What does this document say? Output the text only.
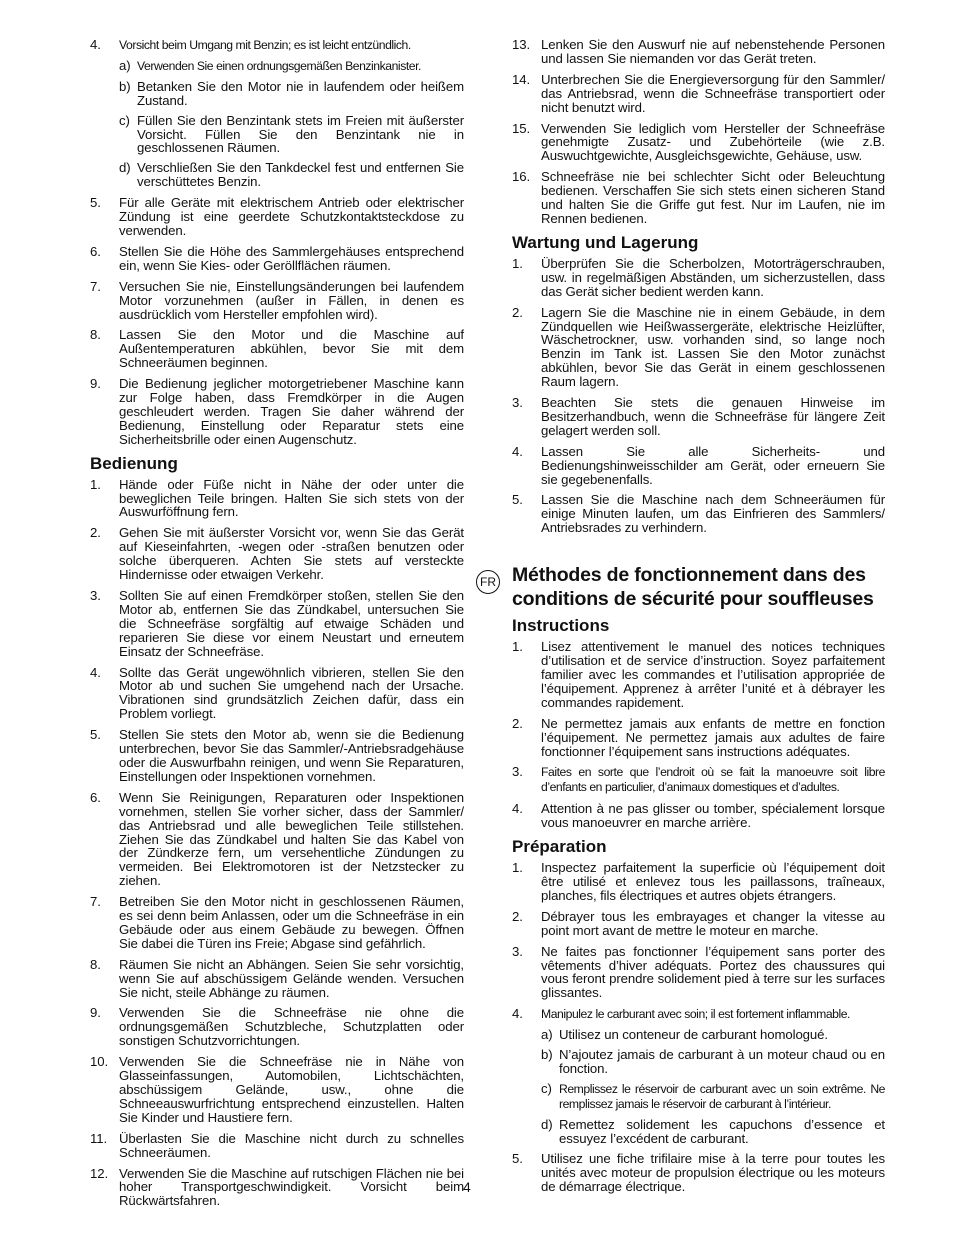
4. Vorsicht beim Umgang mit Benzin; es ist leicht entzündlich.
a) Verwenden Sie einen ordnungsgemäßen Benzinkanister.
b) Betanken Sie den Motor nie in laufendem oder heißem Zustand.
c) Füllen Sie den Benzintank stets im Freien mit äußerster Vorsicht. Füllen Sie den Benzintank nie in geschlossenen Räumen.
d) Verschließen Sie den Tankdeckel fest und entfernen Sie verschüttetes Benzin.
5. Für alle Geräte mit elektrischem Antrieb oder elektrischer Zündung ist eine geerdete Schutzkontaktsteckdose zu verwenden.
6. Stellen Sie die Höhe des Sammlergehäuses entsprechend ein, wenn Sie Kies- oder Geröllflächen räumen.
7. Versuchen Sie nie, Einstellungsänderungen bei laufendem Motor vorzunehmen (außer in Fällen, in denen es ausdrücklich vom Hersteller empfohlen wird).
8. Lassen Sie den Motor und die Maschine auf Außentemperaturen abkühlen, bevor Sie mit dem Schneeräumen beginnen.
9. Die Bedienung jeglicher motorgetriebener Maschine kann zur Folge haben, dass Fremdkörper in die Augen geschleudert werden. Tragen Sie daher während der Bedienung, Einstellung oder Reparatur stets eine Sicherheitsbrille oder einen Augenschutz.
Bedienung
1. Hände oder Füße nicht in Nähe der oder unter die beweglichen Teile bringen. Halten Sie sich stets von der Auswurföffnung fern.
2. Gehen Sie mit äußerster Vorsicht vor, wenn Sie das Gerät auf Kieseinfahrten, -wegen oder -straßen benutzen oder solche überqueren. Achten Sie stets auf versteckte Hindernisse oder etwaigen Verkehr.
3. Sollten Sie auf einen Fremdkörper stoßen, stellen Sie den Motor ab, entfernen Sie das Zündkabel, untersuchen Sie die Schneefräse sorgfältig auf etwaige Schäden und reparieren Sie diese vor einem Neustart und erneutem Einsatz der Schneefräse.
4. Sollte das Gerät ungewöhnlich vibrieren, stellen Sie den Motor ab und suchen Sie umgehend nach der Ursache. Vibrationen sind grundsätzlich Zeichen dafür, dass ein Problem vorliegt.
5. Stellen Sie stets den Motor ab, wenn sie die Bedienung unterbrechen, bevor Sie das Sammler/-Antriebsradgehäuse oder die Auswurfbahn reinigen, und wenn Sie Reparaturen, Einstellungen oder Inspektionen vornehmen.
6. Wenn Sie Reinigungen, Reparaturen oder Inspektionen vornehmen, stellen Sie vorher sicher, dass der Sammler/ das Antriebsrad und alle beweglichen Teile stillstehen. Ziehen Sie das Zündkabel und halten Sie das Kabel von der Zündkerze fern, um versehentliche Zündungen zu vermeiden. Bei Elektromotoren ist der Netzstecker zu ziehen.
7. Betreiben Sie den Motor nicht in geschlossenen Räumen, es sei denn beim Anlassen, oder um die Schneefräse in ein Gebäude oder aus einem Gebäude zu bewegen. Öffnen Sie dabei die Türen ins Freie; Abgase sind gefährlich.
8. Räumen Sie nicht an Abhängen. Seien Sie sehr vorsichtig, wenn Sie auf abschüssigem Gelände wenden. Versuchen Sie nicht, steile Abhänge zu räumen.
9. Verwenden Sie die Schneefräse nie ohne die ordnungsgemäßen Schutzbleche, Schutzplatten oder sonstigen Schutzvorrichtungen.
10. Verwenden Sie die Schneefräse nie in Nähe von Glasseinfassungen, Automobilen, Lichtschächten, abschüssigem Gelände, usw., ohne die Schneeauswurfrichtung entsprechend einzustellen. Halten Sie Kinder und Haustiere fern.
11. Überlasten Sie die Maschine nicht durch zu schnelles Schneeräumen.
12. Verwenden Sie die Maschine auf rutschigen Flächen nie bei hoher Transportgeschwindigkeit. Vorsicht beim Rückwärtsfahren.
13. Lenken Sie den Auswurf nie auf nebenstehende Personen und lassen Sie niemanden vor das Gerät treten.
14. Unterbrechen Sie die Energieversorgung für den Sammler/ das Antriebsrad, wenn die Schneefräse transportiert oder nicht benutzt wird.
15. Verwenden Sie lediglich vom Hersteller der Schneefräse genehmigte Zusatz- und Zubehörteile (wie z.B. Auswuchtgewichte, Ausgleichsgewichte, Gehäuse, usw.
16. Schneefräse nie bei schlechter Sicht oder Beleuchtung bedienen. Verschaffen Sie sich stets einen sicheren Stand und halten Sie die Griffe gut fest. Nur im Laufen, nie im Rennen bedienen.
Wartung und Lagerung
1. Überprüfen Sie die Scherbolzen, Motorträgerschrauben, usw. in regelmäßigen Abständen, um sicherzustellen, dass das Gerät sicher bedient werden kann.
2. Lagern Sie die Maschine nie in einem Gebäude, in dem Zündquellen wie Heißwassergeräte, elektrische Heizlüfter, Wäschetrockner, usw. vorhanden sind, so lange noch Benzin im Tank ist. Lassen Sie den Motor zunächst abkühlen, bevor Sie das Gerät in einem geschlossenen Raum lagern.
3. Beachten Sie stets die genauen Hinweise im Besitzerhandbuch, wenn die Schneefräse für längere Zeit gelagert werden soll.
4. Lassen Sie alle Sicherheits- und Bedienungshinweisschilder am Gerät, oder erneuern Sie sie gegebenenfalls.
5. Lassen Sie die Maschine nach dem Schneeräumen für einige Minuten laufen, um das Einfrieren des Sammlers/ Antriebsrades zu verhindern.
FR Méthodes de fonctionnement dans des
conditions de sécurité pour souffleuses
Instructions
1. Lisez attentivement le manuel des notices techniques d’utilisation et de service d’instruction. Soyez parfaitement familier avec les commandes et l’utilisation appropriée de l’équipement. Apprenez à arrêter l’unité et à débrayer les commandes rapidement.
2. Ne permettez jamais aux enfants de mettre en fonction l’équipement. Ne permettez jamais aux adultes de faire fonctionner l’équipement sans instructions adéquates.
3. Faites en sorte que l’endroit où se fait la manoeuvre soit libre d’enfants en particulier, d’animaux domestiques et d’adultes.
4. Attention à ne pas glisser ou tomber, spécialement lorsque vous manoeuvrer en marche arrière.
Préparation
1. Inspectez parfaitement la superficie où l’équipement doit être utilisé et enlevez tous les paillassons, traîneaux, planches, fils électriques et autres objets étrangers.
2. Débrayer tous les embrayages et changer la vitesse au point mort avant de mettre le moteur en marche.
3. Ne faites pas fonctionner l’équipement sans porter des vêtements d’hiver adéquats. Portez des chaussures qui vous feront prendre solidement pied à terre sur les surfaces glissantes.
4. Manipulez le carburant avec soin; il est fortement inflammable.
a) Utilisez un conteneur de carburant homologué.
b) N’ajoutez jamais de carburant à un moteur chaud ou en fonction.
c) Remplissez le réservoir de carburant avec un soin extrême. Ne remplissez jamais le réservoir de carburant à l’intérieur.
d) Remettez solidement les capuchons d’essence et essuyez l’excédent de carburant.
5. Utilisez une fiche trifilaire mise à la terre pour toutes les unités avec moteur de propulsion électrique ou les moteurs de démarrage électrique.
4
